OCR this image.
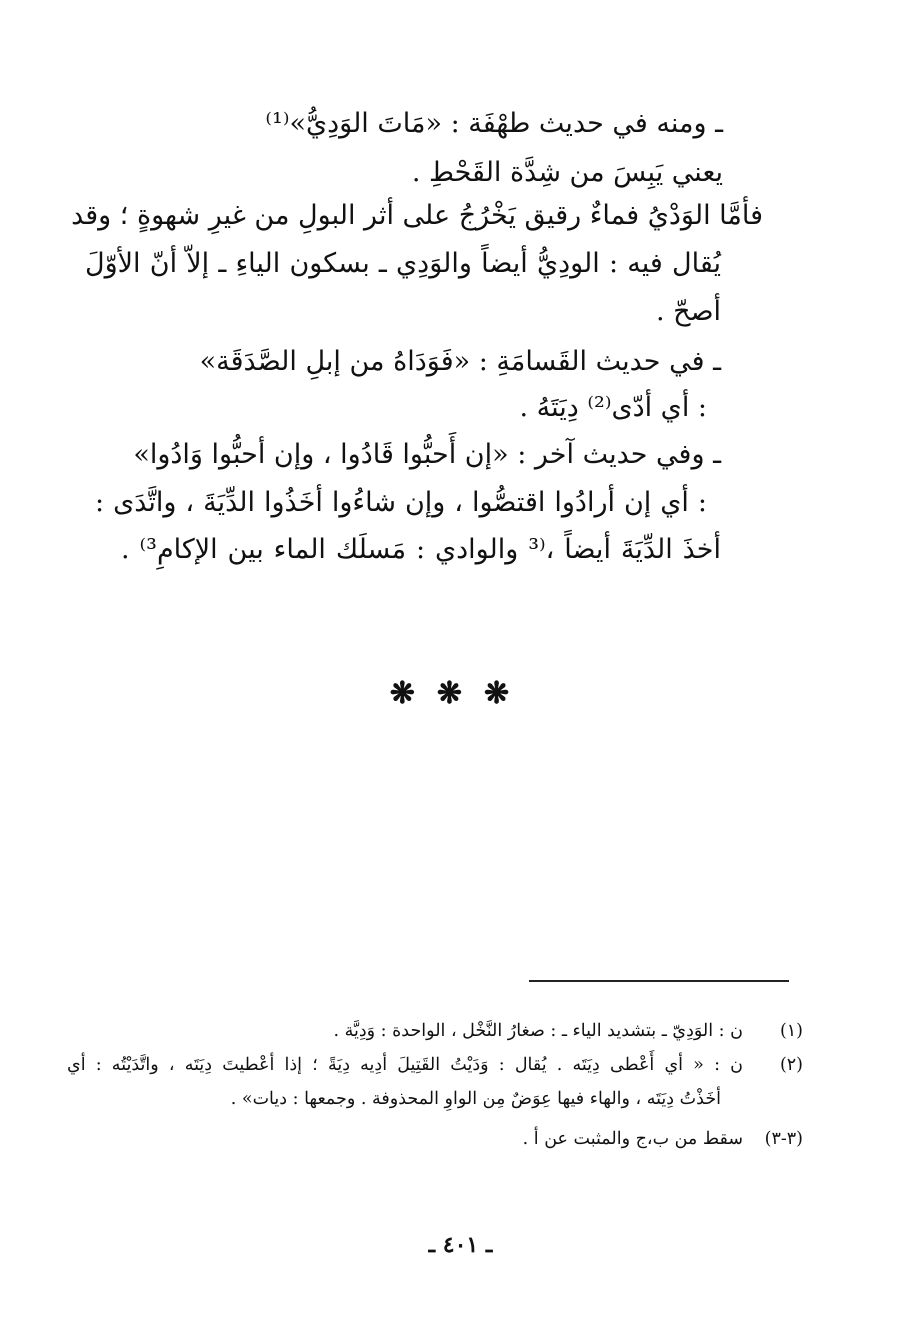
ـ ومنه في حديث طهْفَة : «مَاتَ الوَدِيُّ»⁽¹⁾

يعني يَبِسَ من شِدَّة القَحْطِ .

فأمَّا الوَدْيُ فماءٌ رقيق يَخْرُجُ على أثر البولِ من غيرِ شهوةٍ ؛ وقد

يُقال فيه : الودِيُّ أيضاً والوَدِي ـ بسكون الياءِ ـ إلاّ أنّ الأوّلَ

أصحّ .

ـ في حديث القَسامَةِ : «فَوَدَاهُ من إبلِ الصَّدَقَة»

: أي أدّى⁽²⁾ دِيَتَهُ .

ـ وفي حديث آخر : «إن أَحبُّوا قَادُوا ، وإن أحبُّوا وَادُوا»

: أي إن أرادُوا اقتصُّوا ، وإن شاءُوا أخَذُوا الدِّيَةَ ، واتَّدَى :

أخذَ الدِّيَةَ أيضاً ،⁽³ والوادي : مَسلَك الماء بين الإكامِ³⁾ .

❋❋❋
(١)

ن : الوَدِيّ ـ بتشديد الياء ـ : صغارُ النَّخْل ، الواحدة : وَدِيَّة .

(٢)

ن : « أي أَعْطى دِيَتَه . يُقال : وَدَيْتُ القَتِيلَ أدِيه دِيَةً ؛ إذا أعْطيتَ دِيَتَه ، واتَّدَيْتُه : أي

أخَذْتُ دِيَتَه ، والهاء فيها عِوَضٌ مِن الواوِ المحذوفة . وجمعها : ديات» .

(٣-٣)

سقط من ب،ج والمثبت عن أ .

ـ ٤٠١ ـ
